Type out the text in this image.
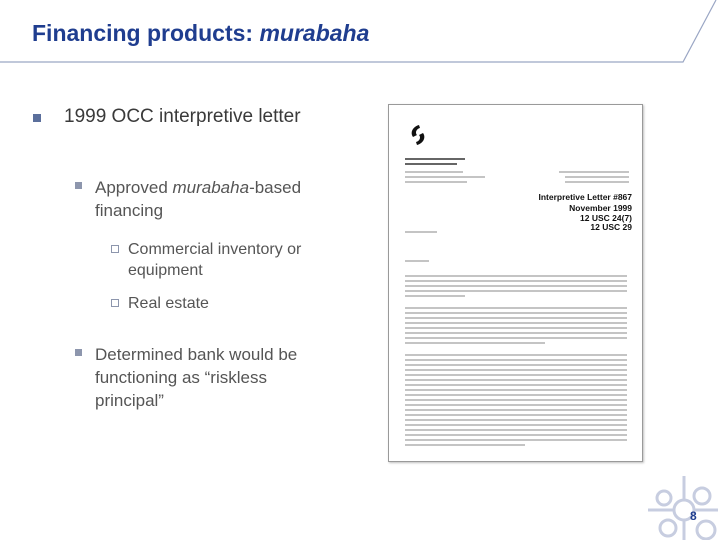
Financing products: murabaha
1999 OCC interpretive letter
Approved murabaha-based
financing
Commercial inventory or
equipment
Real estate
Determined bank would be
functioning as “riskless
principal”
Interpretive Letter #867
November 1999
12 USC 24(7)
12 USC 29
8
